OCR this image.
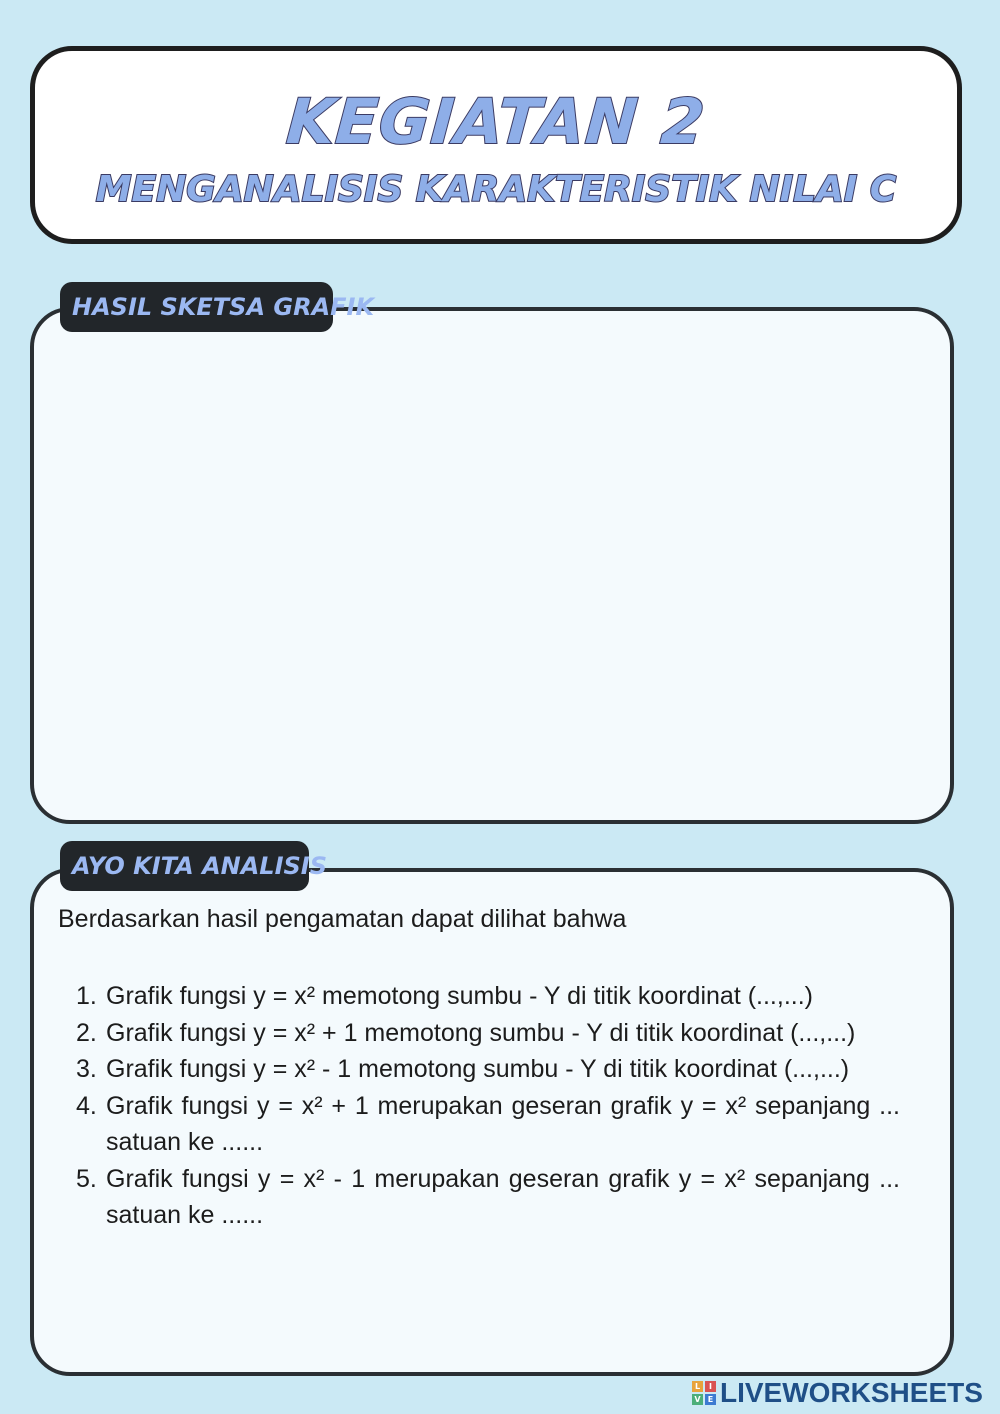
KEGIATAN 2
MENGANALISIS KARAKTERISTIK NILAI C
HASIL SKETSA GRAFIK
AYO KITA ANALISIS
Berdasarkan hasil pengamatan dapat dilihat bahwa
1. Grafik fungsi y = x² memotong sumbu - Y di titik koordinat (...,...)
2. Grafik fungsi y = x² + 1 memotong sumbu - Y di titik koordinat (...,...)
3. Grafik fungsi y = x² - 1 memotong sumbu - Y di titik koordinat (...,...)
4. Grafik fungsi y = x² + 1 merupakan geseran grafik y = x² sepanjang ... satuan ke ......
5. Grafik fungsi y = x² - 1 merupakan geseran grafik y = x² sepanjang ... satuan ke ......
L	I
V E LIVEWORKSHEETS
